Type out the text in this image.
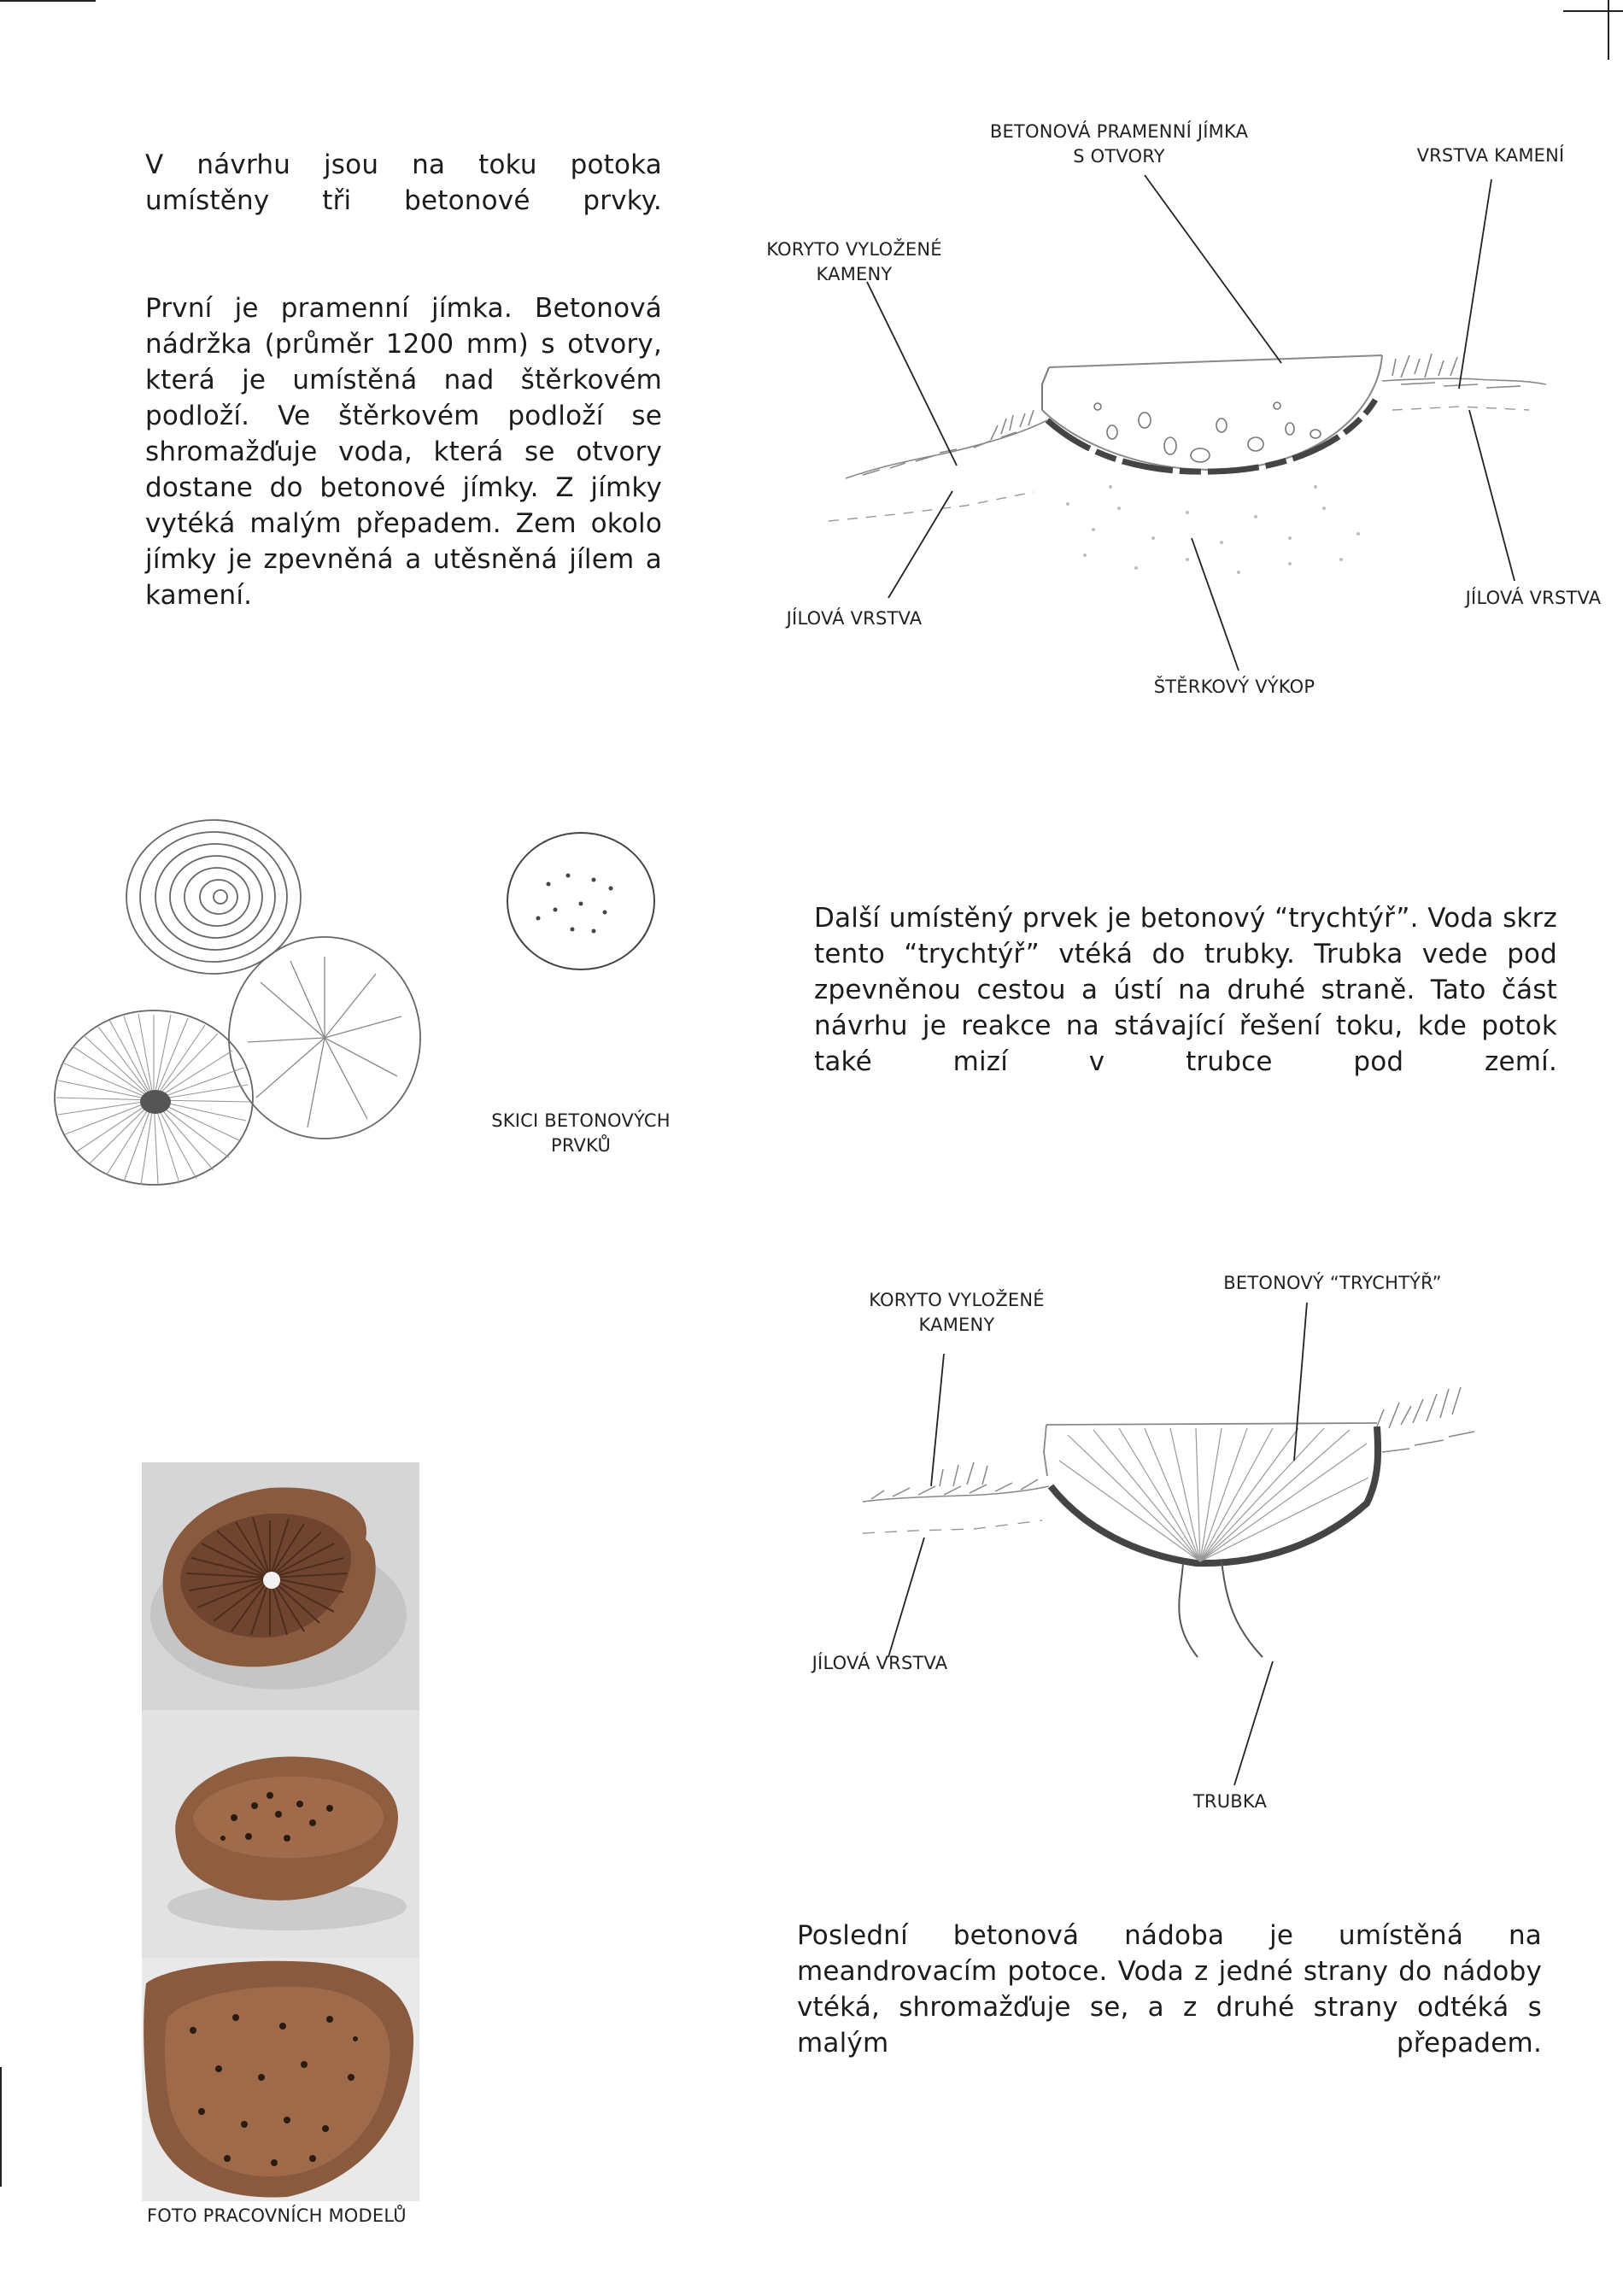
V návrhu jsou na toku potoka umístěny tři betonové prvky.
První je pramenní jímka. Betonová nádržka (průměr 1200 mm) s otvory, která je umístěná nad štěrkovém podloží. Ve štěrkovém podloží se shromažďuje voda, která se otvory dostane do betonové jímky. Z jímky vytéká malým přepadem. Zem okolo jímky je zpevněná a utěsněná jílem a kamení.
Další umístěný prvek je betonový “trychtýř”. Voda skrz tento “trychtýř” vtéká do trubky. Trubka vede pod zpevněnou cestou a ústí na druhé straně. Tato část návrhu je reakce na stávající řešení toku, kde potok také mizí v trubce pod zemí.
Poslední betonová nádoba je umístěná na meandrovacím potoce. Voda z jedné strany do nádoby vtéká, shromažďuje se, a z druhé strany odtéká s malým přepadem.
BETONOVÁ PRAMENNÍ JÍMKA
S OTVORY	VRSTVA KAMENÍ
KORYTO VYLOŽENÉ
KAMENY
JÍLOVÁ VRSTVA
JÍLOVÁ VRSTVA
ŠTĚRKOVÝ VÝKOP
SKICI BETONOVÝCH
PRVKŮ
KORYTO VYLOŽENÉ
KAMENY
BETONOVÝ “TRYCHTÝŘ”
JÍLOVÁ VRSTVA
TRUBKA
FOTO PRACOVNÍCH MODELŮ
